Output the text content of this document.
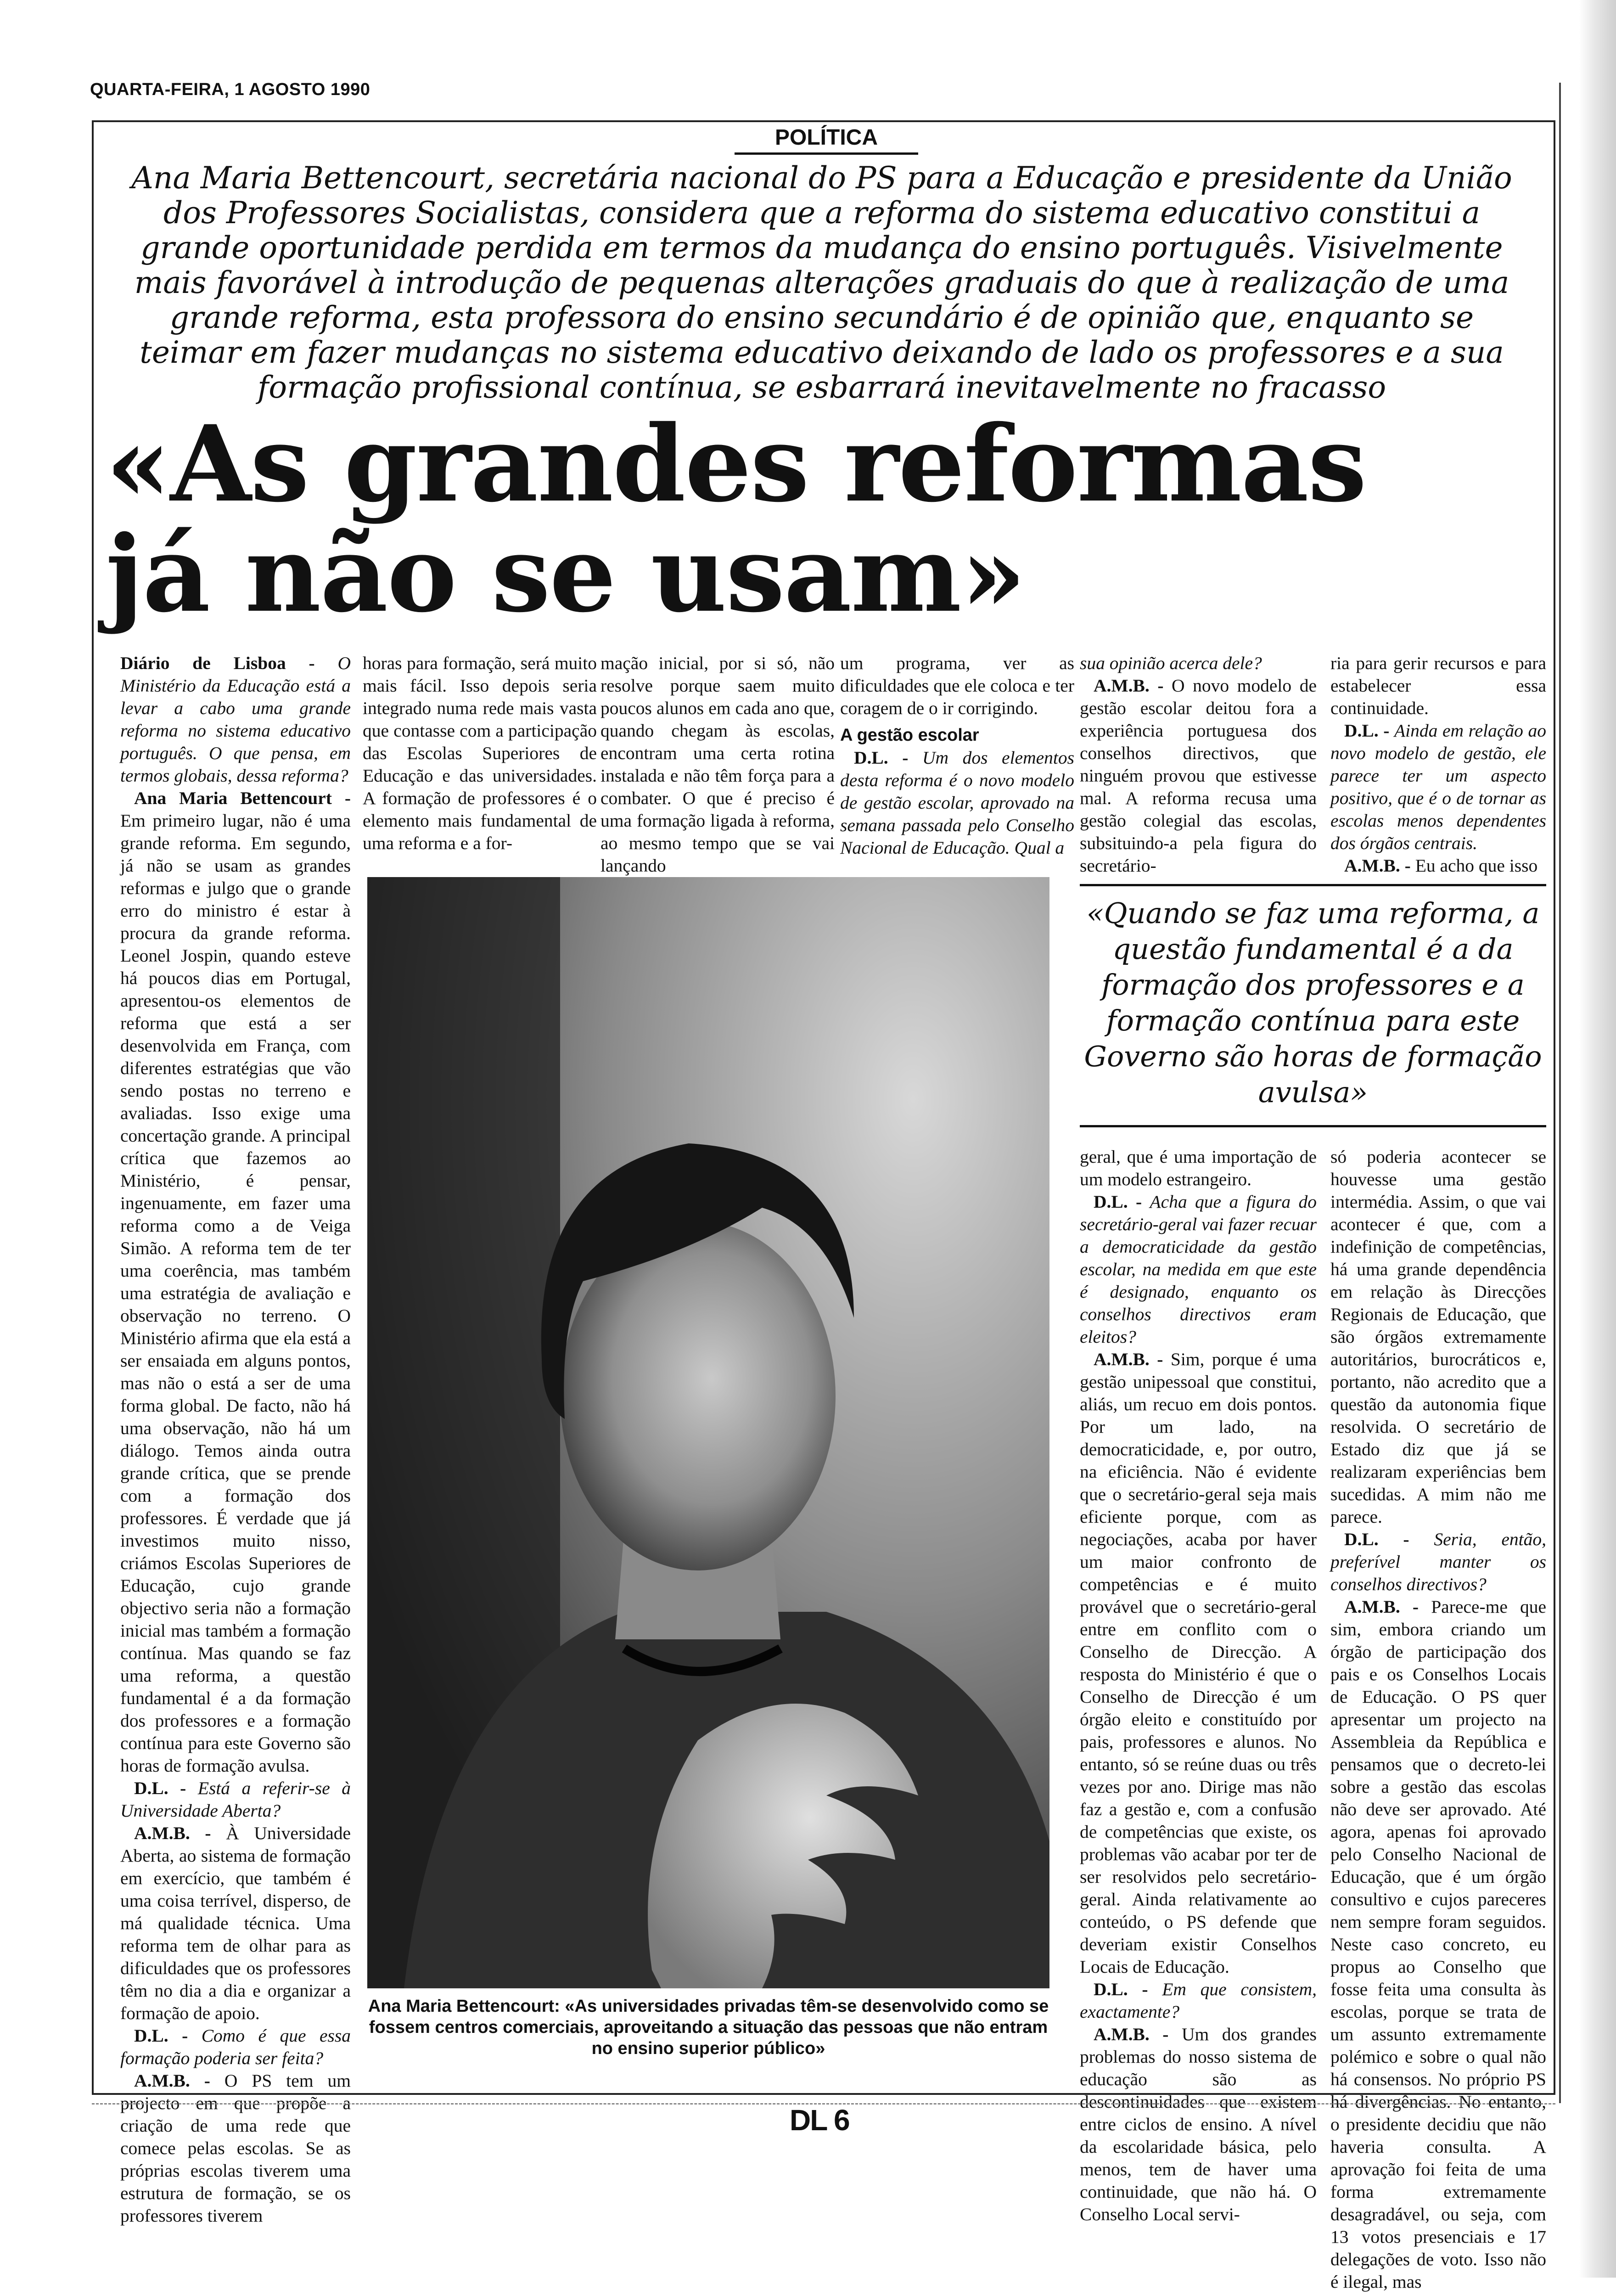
QUARTA-FEIRA, 1 AGOSTO 1990
POLÍTICA
Ana Maria Bettencourt, secretária nacional do PS para a Educação e presidente da União dos Professores Socialistas, considera que a reforma do sistema educativo constitui a grande oportunidade perdida em termos da mudança do ensino português. Visivelmente mais favorável à introdução de pequenas alterações graduais do que à realização de uma grande reforma, esta professora do ensino secundário é de opinião que, enquanto se teimar em fazer mudanças no sistema educativo deixando de lado os professores e a sua formação profissional contínua, se esbarrará inevitavelmente no fracasso
«As grandes reformas
já não se usam»

Diário de Lisboa - O Ministério da Educação está a levar a cabo uma grande reforma no sistema educativo português. O que pensa, em termos globais, dessa reforma?

Ana Maria Bettencourt - Em primeiro lugar, não é uma grande reforma. Em segundo, já não se usam as grandes reformas e julgo que o grande erro do ministro é estar à procura da grande reforma. Leonel Jospin, quando esteve há poucos dias em Portugal, apresentou-os elementos de reforma que está a ser desenvolvida em França, com diferentes estratégias que vão sendo postas no terreno e avaliadas. Isso exige uma concertação grande. A principal crítica que fazemos ao Ministério, é pensar, ingenuamente, em fazer uma reforma como a de Veiga Simão. A reforma tem de ter uma coerência, mas também uma estratégia de avaliação e observação no terreno. O Ministério afirma que ela está a ser ensaiada em alguns pontos, mas não o está a ser de uma forma global. De facto, não há uma observação, não há um diálogo. Temos ainda outra grande crítica, que se prende com a formação dos professores. É verdade que já investimos muito nisso, criámos Escolas Superiores de Educação, cujo grande objectivo seria não a formação inicial mas também a formação contínua. Mas quando se faz uma reforma, a questão fundamental é a da formação dos professores e a formação contínua para este Governo são horas de formação avulsa.

D.L. - Está a referir-se à Universidade Aberta?

A.M.B. - À Universidade Aberta, ao sistema de formação em exercício, que também é uma coisa terrível, disperso, de má qualidade técnica. Uma reforma tem de olhar para as dificuldades que os professores têm no dia a dia e organizar a formação de apoio.

D.L. - Como é que essa formação poderia ser feita?

A.M.B. - O PS tem um projecto em que propõe a criação de uma rede que comece pelas escolas. Se as próprias escolas tiverem uma estrutura de formação, se os professores tiverem

horas para formação, será muito mais fácil. Isso depois seria integrado numa rede mais vasta que contasse com a participação das Escolas Superiores de Educação e das universidades. A formação de professores é o elemento mais fundamental de uma reforma e a for-

mação inicial, por si só, não resolve porque saem muito poucos alunos em cada ano que, quando chegam às escolas, encontram uma certa rotina instalada e não têm força para a combater. O que é preciso é uma formação ligada à reforma, ao mesmo tempo que se vai lançando

um programa, ver as dificuldades que ele coloca e ter coragem de o ir corrigindo.

A gestão escolar

D.L. - Um dos elementos desta reforma é o novo modelo de gestão escolar, aprovado na semana passada pelo Conselho Nacional de Educação. Qual a

sua opinião acerca dele?

A.M.B. - O novo modelo de gestão escolar deitou fora a experiência portuguesa dos conselhos directivos, que ninguém provou que estivesse mal. A reforma recusa uma gestão colegial das escolas, subsituindo-a pela figura do secretário-

ria para gerir recursos e para estabelecer essa continuidade.

D.L. - Ainda em relação ao novo modelo de gestão, ele parece ter um aspecto positivo, que é o de tornar as escolas menos dependentes dos órgãos centrais.

A.M.B. - Eu acho que isso

«Quando se faz uma reforma, a questão fundamental é a da formação dos professores e a formação contínua para este Governo são horas de formação avulsa»

geral, que é uma importação de um modelo estrangeiro.

D.L. - Acha que a figura do secretário-geral vai fazer recuar a democraticidade da gestão escolar, na medida em que este é designado, enquanto os conselhos directivos eram eleitos?

A.M.B. - Sim, porque é uma gestão unipessoal que constitui, aliás, um recuo em dois pontos. Por um lado, na democraticidade, e, por outro, na eficiência. Não é evidente que o secretário-geral seja mais eficiente porque, com as negociações, acaba por haver um maior confronto de competências e é muito provável que o secretário-geral entre em conflito com o Conselho de Direcção. A resposta do Ministério é que o Conselho de Direcção é um órgão eleito e constituído por pais, professores e alunos. No entanto, só se reúne duas ou três vezes por ano. Dirige mas não faz a gestão e, com a confusão de competências que existe, os problemas vão acabar por ter de ser resolvidos pelo secretário-geral. Ainda relativamente ao conteúdo, o PS defende que deveriam existir Conselhos Locais de Educação.

D.L. - Em que consistem, exactamente?

A.M.B. - Um dos grandes problemas do nosso sistema de educação são as descontinuidades que existem entre ciclos de ensino. A nível da escolaridade básica, pelo menos, tem de haver uma continuidade, que não há. O Conselho Local servi-

só poderia acontecer se houvesse uma gestão intermédia. Assim, o que vai acontecer é que, com a indefinição de competências, há uma grande dependência em relação às Direcções Regionais de Educação, que são órgãos extremamente autoritários, burocráticos e, portanto, não acredito que a questão da autonomia fique resolvida. O secretário de Estado diz que já se realizaram experiências bem sucedidas. A mim não me parece.

D.L. - Seria, então, preferível manter os conselhos directivos?

A.M.B. - Parece-me que sim, embora criando um órgão de participação dos pais e os Conselhos Locais de Educação. O PS quer apresentar um projecto na Assembleia da República e pensamos que o decreto-lei sobre a gestão das escolas não deve ser aprovado. Até agora, apenas foi aprovado pelo Conselho Nacional de Educação, que é um órgão consultivo e cujos pareceres nem sempre foram seguidos. Neste caso concreto, eu propus ao Conselho que fosse feita uma consulta às escolas, porque se trata de um assunto extremamente polémico e sobre o qual não há consensos. No próprio PS há divergências. No entanto, o presidente decidiu que não haveria consulta. A aprovação foi feita de uma forma extremamente desagradável, ou seja, com 13 votos presenciais e 17 delegações de voto. Isso não é ilegal, mas

Ana Maria Bettencourt: «As universidades privadas têm-se desenvolvido como se fossem centros comerciais, aproveitando a situação das pessoas que não entram no ensino superior público»
DL 6
